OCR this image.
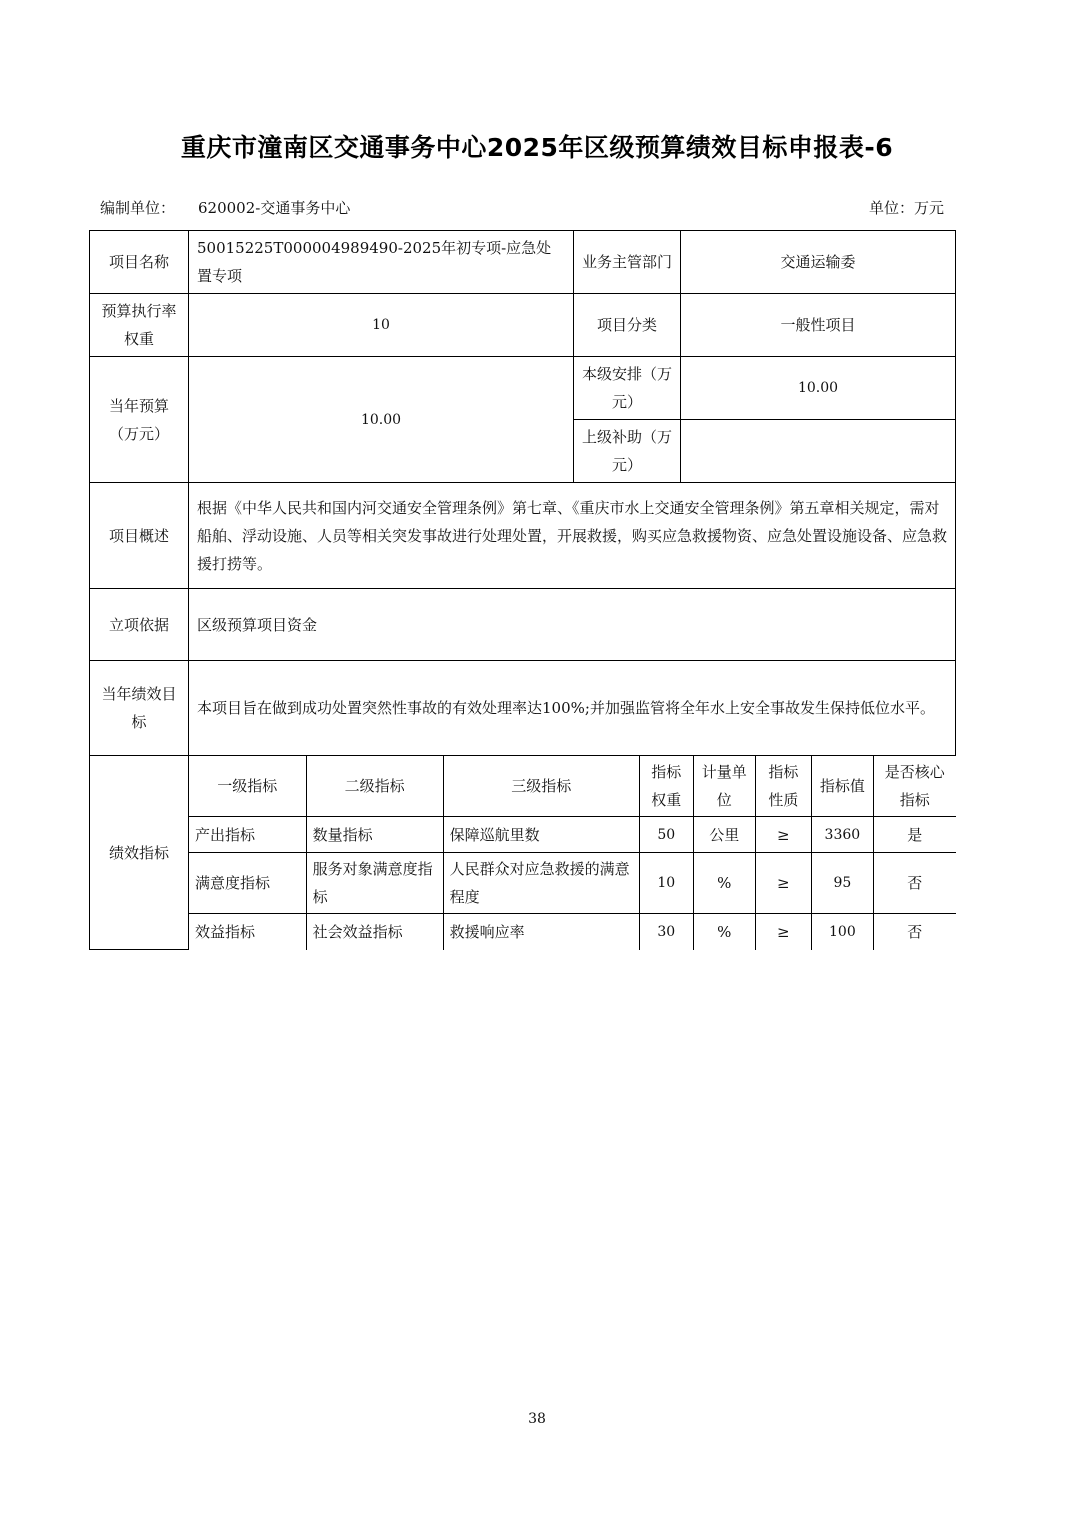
重庆市潼南区交通事务中心2025年区级预算绩效目标申报表-6
编制单位： 620002-交通事务中心	单位：万元
项目名称	50015225T000004989490-2025年初专项-应急处置专项	业务主管部门	交通运输委
预算执行率权重	10	项目分类	一般性项目
当年预算（万元）	10.00	本级安排（万元）	10.00
上级补助（万元）	
项目概述	根据《中华人民共和国内河交通安全管理条例》第七章、《重庆市水上交通安全管理条例》第五章相关规定，需对船舶、浮动设施、人员等相关突发事故进行处理处置，开展救援，购买应急救援物资、应急处置设施设备、应急救援打捞等。
立项依据	区级预算项目资金
当年绩效目标	本项目旨在做到成功处置突然性事故的有效处理率达100%;并加强监管将全年水上安全事故发生保持低位水平。
绩效指标	
一级指标	二级指标	三级指标	指标权重	计量单位	指标性质	指标值	是否核心指标
产出指标	数量指标	保障巡航里数	50	公里	≥	3360	是
满意度指标	服务对象满意度指标	人民群众对应急救援的满意程度	10	%	≥	95	否
效益指标	社会效益指标	救援响应率	30	%	≥	100	否
38
